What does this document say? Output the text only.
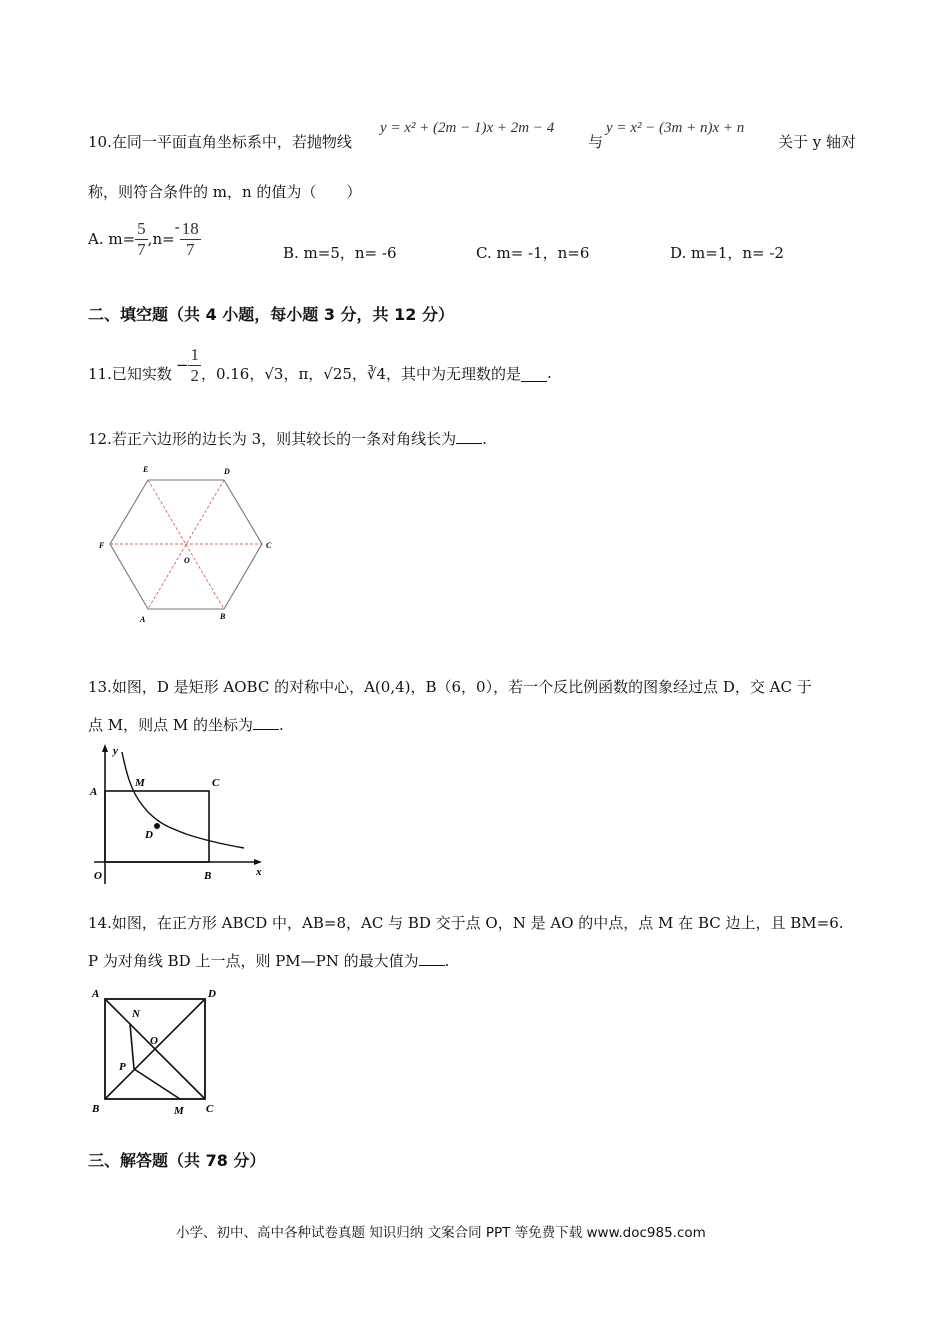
10.在同一平面直角坐标系中，若抛物线
y = x² + (2m − 1)x + 2m − 4
与
y = x² − (3m + n)x + n
关于 y 轴对
称，则符合条件的 m，n 的值为（　　）
A. $m= \frac{5}{7} ,n=$
- $\frac{18}{7}$	B. m=5，n= -6	C. m= -1，n=6	D. m=1，n= -2
二、填空题（共 4 小题，每小题 3 分，共 12 分）
11.已知实数 − $\frac{1}{2}$ ，0.16，√3，π，√25，∛4，其中为无理数的是 .
12.若正六边形的边长为 3，则其较长的一条对角线长为 .
E	D
F	C
O
A	B
13.如图，D 是矩形 AOBC 的对称中心，A(0,4)，B（6，0），若一个反比例函数的图象经过点 D，交 AC 于
点 M，则点 M 的坐标为 .
y
x
A
M	C
D
O	B
14.如图，在正方形 ABCD 中，AB=8，AC 与 BD 交于点 O，N 是 AO 的中点，点 M 在 BC 边上，且 BM=6.
P 为对角线 BD 上一点，则 PM—PN 的最大值为 .
A	D
N
O
P
B	M C
三、解答题（共 78 分）
小学、初中、高中各种试卷真题 知识归纳 文案合同 PPT 等免费下载 www.doc985.com
